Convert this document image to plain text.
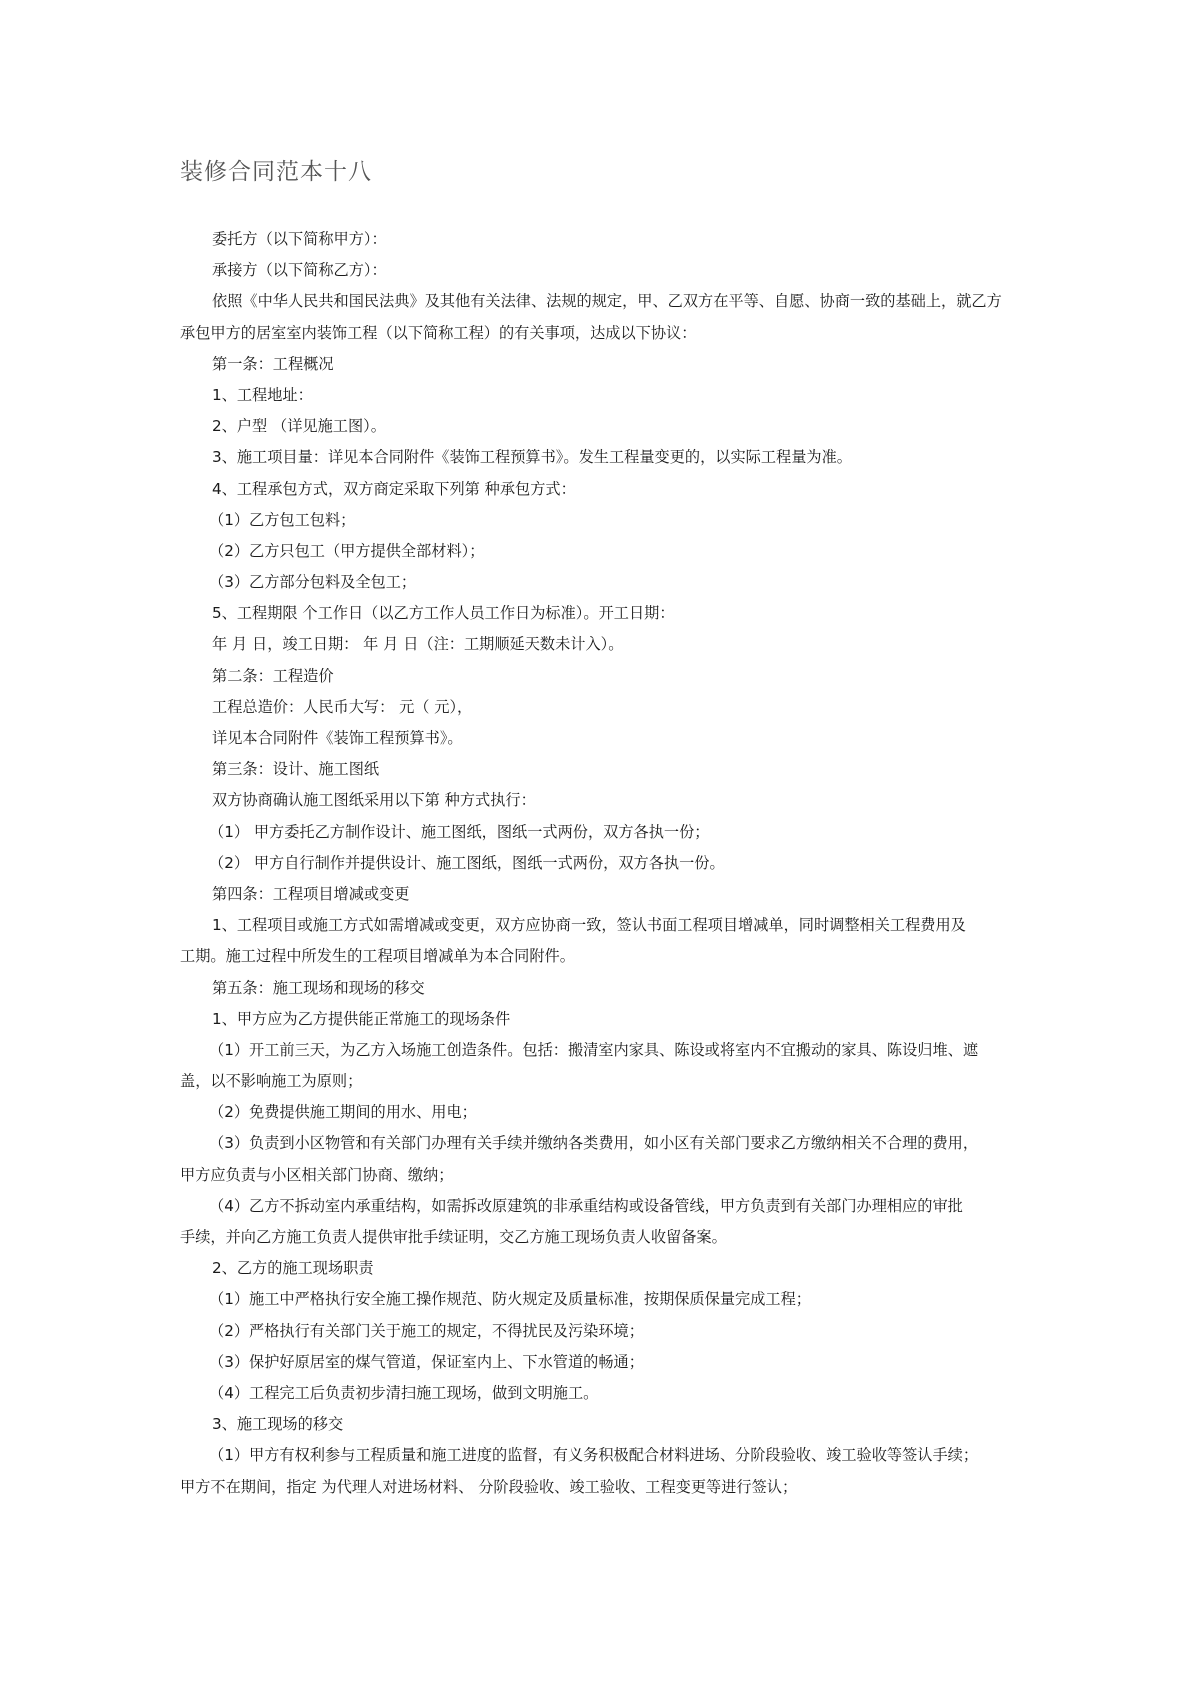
装修合同范本十八
委托方（以下简称甲方）：
承接方（以下简称乙方）：
依照《中华人民共和国民法典》及其他有关法律、法规的规定，甲、乙双方在平等、自愿、协商一致的基础上，就乙方
承包甲方的居室室内装饰工程（以下简称工程）的有关事项，达成以下协议：
第一条：工程概况
1、工程地址：
2、户型 （详见施工图）。
3、施工项目量：详见本合同附件《装饰工程预算书》。发生工程量变更的，以实际工程量为准。
4、工程承包方式，双方商定采取下列第 种承包方式：
（1）乙方包工包料；
（2）乙方只包工（甲方提供全部材料）；
（3）乙方部分包料及全包工；
5、工程期限 个工作日（以乙方工作人员工作日为标准）。开工日期：
年 月 日，竣工日期： 年 月 日（注：工期顺延天数未计入）。
第二条：工程造价
工程总造价：人民币大写： 元（ 元），
详见本合同附件《装饰工程预算书》。
第三条：设计、施工图纸
双方协商确认施工图纸采用以下第 种方式执行：
（1） 甲方委托乙方制作设计、施工图纸，图纸一式两份，双方各执一份；
（2） 甲方自行制作并提供设计、施工图纸，图纸一式两份，双方各执一份。
第四条：工程项目增减或变更
1、工程项目或施工方式如需增减或变更，双方应协商一致，签认书面工程项目增减单，同时调整相关工程费用及
工期。施工过程中所发生的工程项目增减单为本合同附件。
第五条：施工现场和现场的移交
1、甲方应为乙方提供能正常施工的现场条件
（1）开工前三天，为乙方入场施工创造条件。包括：搬清室内家具、陈设或将室内不宜搬动的家具、陈设归堆、遮
盖，以不影响施工为原则；
（2）免费提供施工期间的用水、用电；
（3）负责到小区物管和有关部门办理有关手续并缴纳各类费用，如小区有关部门要求乙方缴纳相关不合理的费用，
甲方应负责与小区相关部门协商、缴纳；
（4）乙方不拆动室内承重结构，如需拆改原建筑的非承重结构或设备管线，甲方负责到有关部门办理相应的审批
手续，并向乙方施工负责人提供审批手续证明，交乙方施工现场负责人收留备案。
2、乙方的施工现场职责
（1）施工中严格执行安全施工操作规范、防火规定及质量标准，按期保质保量完成工程；
（2）严格执行有关部门关于施工的规定，不得扰民及污染环境；
（3）保护好原居室的煤气管道，保证室内上、下水管道的畅通；
（4）工程完工后负责初步清扫施工现场，做到文明施工。
3、施工现场的移交
（1）甲方有权利参与工程质量和施工进度的监督，有义务积极配合材料进场、分阶段验收、竣工验收等签认手续；
甲方不在期间，指定 为代理人对进场材料、 分阶段验收、竣工验收、工程变更等进行签认；
